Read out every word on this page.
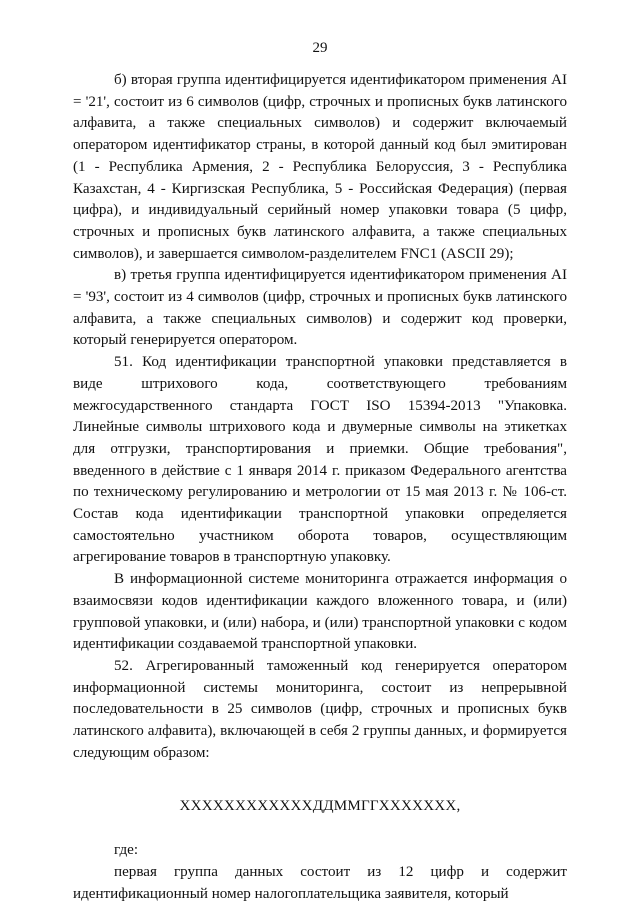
29

б) вторая группа идентифицируется идентификатором применения AI = '21', состоит из 6 символов (цифр, строчных и прописных букв латинского алфавита, а также специальных символов) и содержит включаемый оператором идентификатор страны, в которой данный код был эмитирован (1 - Республика Армения, 2 - Республика Белоруссия, 3 - Республика Казахстан, 4 - Киргизская Республика, 5 - Российская Федерация) (первая цифра), и индивидуальный серийный номер упаковки товара (5 цифр, строчных и прописных букв латинского алфавита, а также специальных символов), и завершается символом-разделителем FNC1 (ASCII 29);

в) третья группа идентифицируется идентификатором применения AI = '93', состоит из 4 символов (цифр, строчных и прописных букв латинского алфавита, а также специальных символов) и содержит код проверки, который генерируется оператором.

51. Код идентификации транспортной упаковки представляется в виде штрихового кода, соответствующего требованиям межгосударственного стандарта ГОСТ ISO 15394-2013 "Упаковка. Линейные символы штрихового кода и двумерные символы на этикетках для отгрузки, транспортирования и приемки. Общие требования", введенного в действие с 1 января 2014 г. приказом Федерального агентства по техническому регулированию и метрологии от 15 мая 2013 г. № 106-ст. Состав кода идентификации транспортной упаковки определяется самостоятельно участником оборота товаров, осуществляющим агрегирование товаров в транспортную упаковку.

В информационной системе мониторинга отражается информация о взаимосвязи кодов идентификации каждого вложенного товара, и (или) групповой упаковки, и (или) набора, и (или) транспортной упаковки с кодом идентификации создаваемой транспортной упаковки.

52. Агрегированный таможенный код генерируется оператором информационной системы мониторинга, состоит из непрерывной последовательности в 25 символов (цифр, строчных и прописных букв латинского алфавита), включающей в себя 2 группы данных, и формируется следующим образом:

ХХХХХХХХХХХХДДММГГХХХХХХХ,

где:

первая группа данных состоит из 12 цифр и содержит идентификационный номер налогоплательщика заявителя, который
